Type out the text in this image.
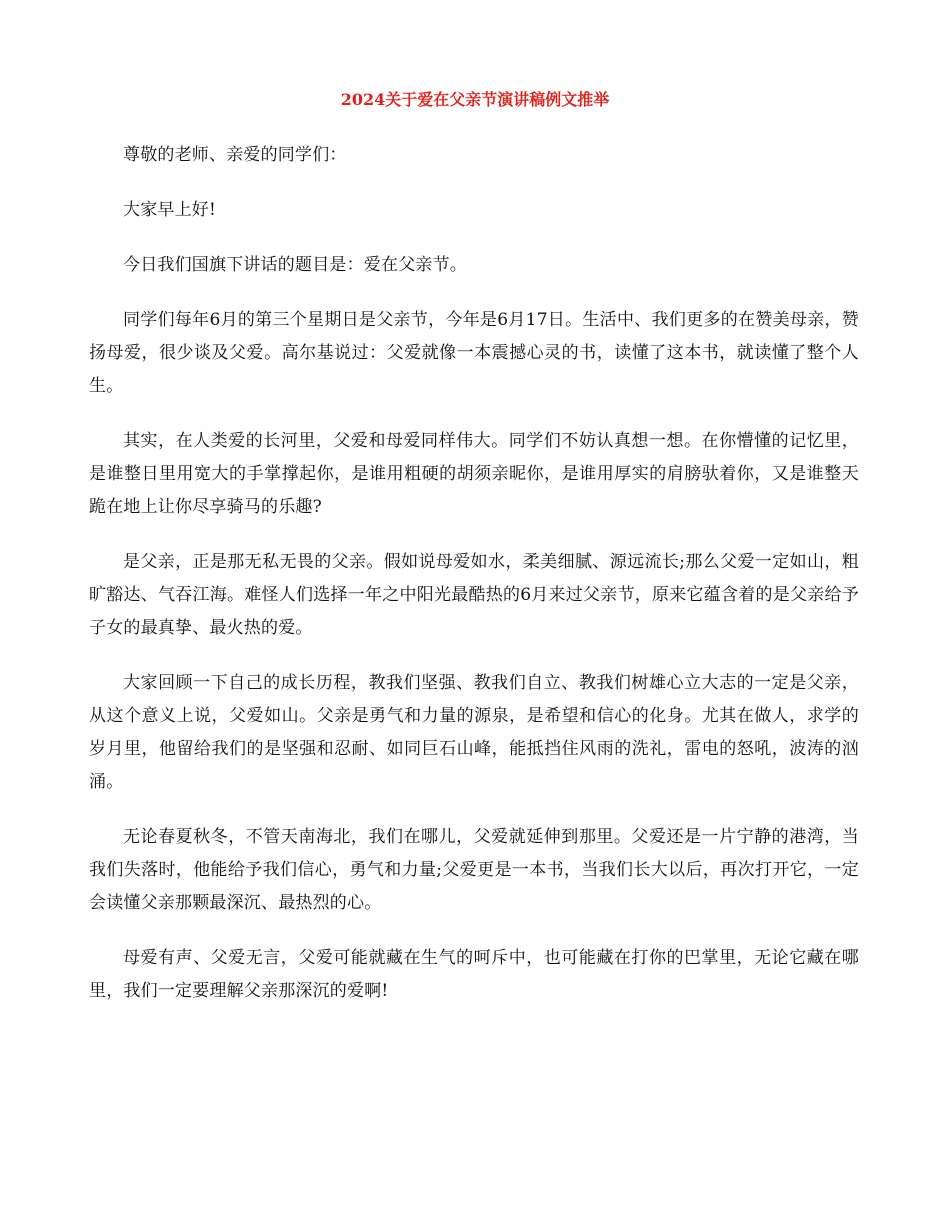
2024关于爱在父亲节演讲稿例文推举

尊敬的老师、亲爱的同学们：

大家早上好!

今日我们国旗下讲话的题目是：爱在父亲节。

同学们每年6月的第三个星期日是父亲节，今年是6月17日。生活中、我们更多的在赞美母亲，赞扬母爱，很少谈及父爱。高尔基说过：父爱就像一本震撼心灵的书，读懂了这本书，就读懂了整个人生。

其实，在人类爱的长河里，父爱和母爱同样伟大。同学们不妨认真想一想。在你懵懂的记忆里，是谁整日里用宽大的手掌撑起你，是谁用粗硬的胡须亲昵你，是谁用厚实的肩膀驮着你，又是谁整天跪在地上让你尽享骑马的乐趣?

是父亲，正是那无私无畏的父亲。假如说母爱如水，柔美细腻、源远流长;那么父爱一定如山，粗旷豁达、气吞江海。难怪人们选择一年之中阳光最酷热的6月来过父亲节，原来它蕴含着的是父亲给予子女的最真挚、最火热的爱。

大家回顾一下自己的成长历程，教我们坚强、教我们自立、教我们树雄心立大志的一定是父亲，从这个意义上说，父爱如山。父亲是勇气和力量的源泉，是希望和信心的化身。尤其在做人，求学的岁月里，他留给我们的是坚强和忍耐、如同巨石山峰，能抵挡住风雨的洗礼，雷电的怒吼，波涛的汹涌。

无论春夏秋冬，不管天南海北，我们在哪儿，父爱就延伸到那里。父爱还是一片宁静的港湾，当我们失落时，他能给予我们信心，勇气和力量;父爱更是一本书，当我们长大以后，再次打开它，一定会读懂父亲那颗最深沉、最热烈的心。

母爱有声、父爱无言，父爱可能就藏在生气的呵斥中，也可能藏在打你的巴掌里，无论它藏在哪里，我们一定要理解父亲那深沉的爱啊!
